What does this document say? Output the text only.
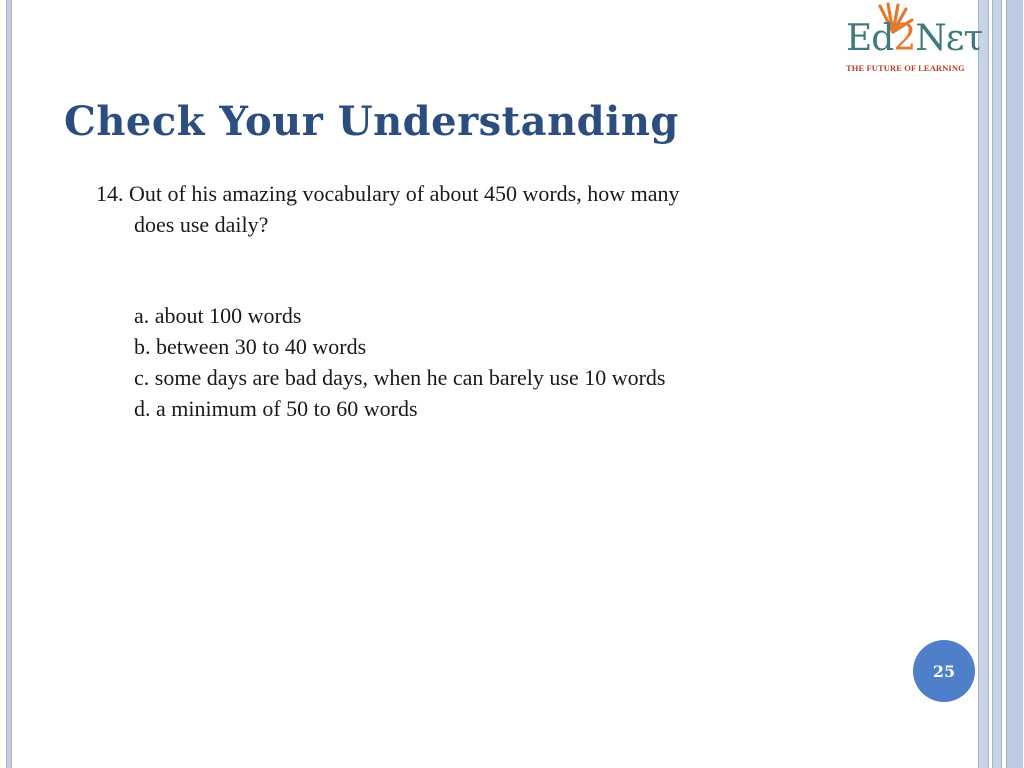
Ed2Nετ
THE FUTURE OF LEARNING
Check Your Understanding
14. Out of his amazing vocabulary of about 450 words, how many
does use daily?
a. about 100 words
b. between 30 to 40 words
c. some days are bad days, when he can barely use 10 words
d. a minimum of 50 to 60 words
25
